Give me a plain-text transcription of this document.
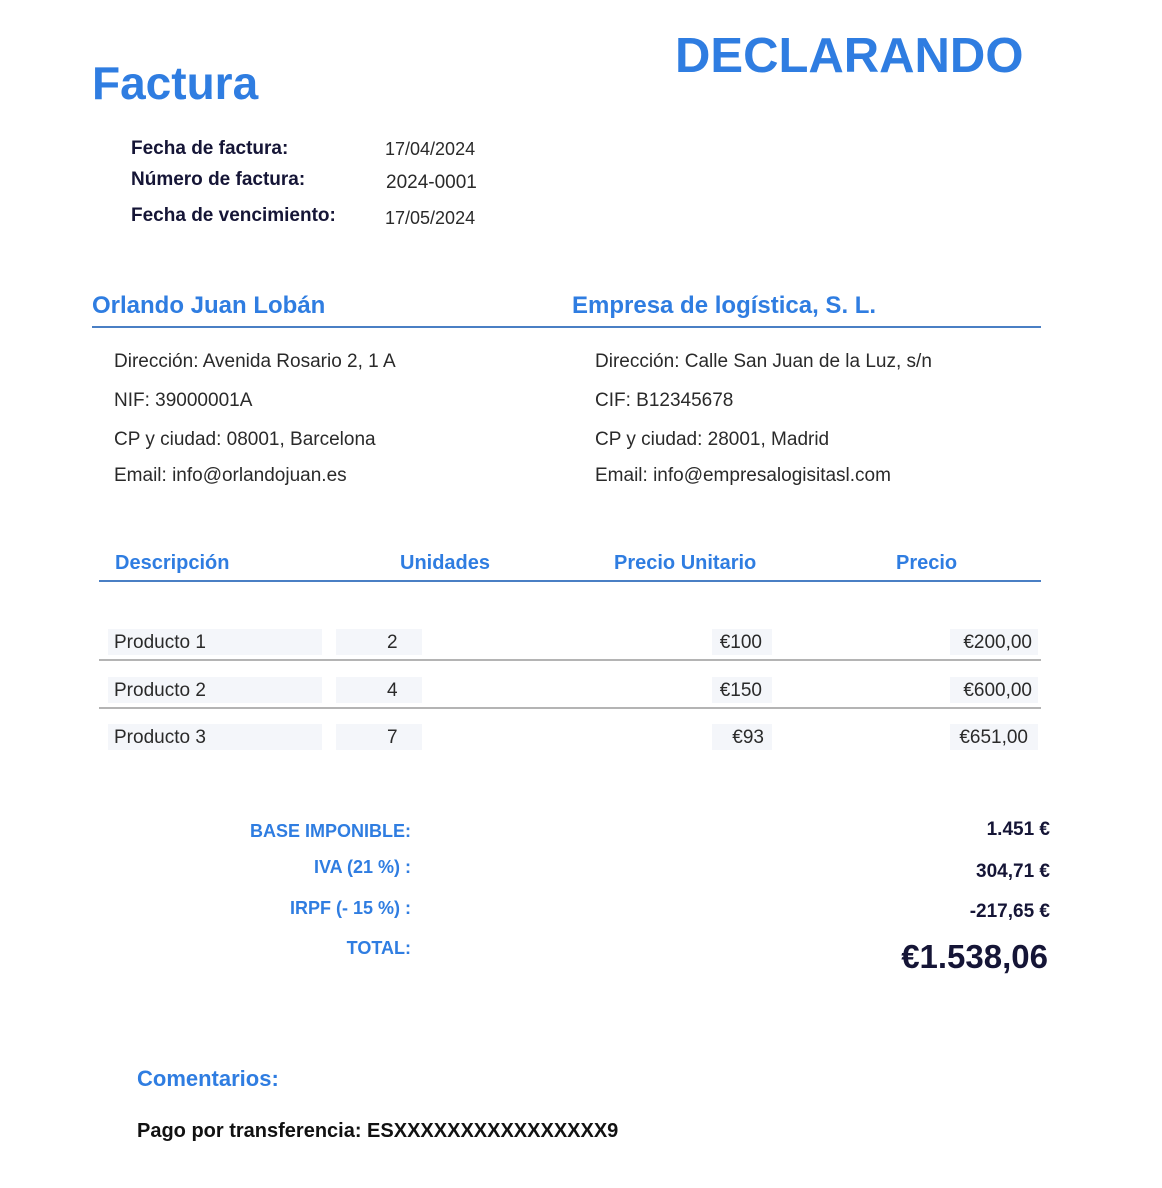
Factura	DECLARANDO
Fecha de factura:	17/04/2024
Número de factura:	2024-0001
Fecha de vencimiento:	17/05/2024
Orlando Juan Lobán	Empresa de logística, S. L.
Dirección: Avenida Rosario 2, 1 A
NIF: 39000001A
CP y ciudad: 08001, Barcelona
Email: info@orlandojuan.es
Dirección: Calle San Juan de la Luz, s/n
CIF: B12345678
CP y ciudad: 28001, Madrid
Email: info@empresalogisitasl.com
Descripción	Unidades	Precio Unitario	Precio
Producto 1	2	€100	€200,00
Producto 2	4	€150	€600,00
Producto 3	7	€93	€651,00
BASE IMPONIBLE:	1.451 €
IVA (21 %) :	304,71 €
IRPF (- 15 %) :	-217,65 €
TOTAL:	€1.538,06
Comentarios:
Pago por transferencia: ESXXXXXXXXXXXXXXXX9
